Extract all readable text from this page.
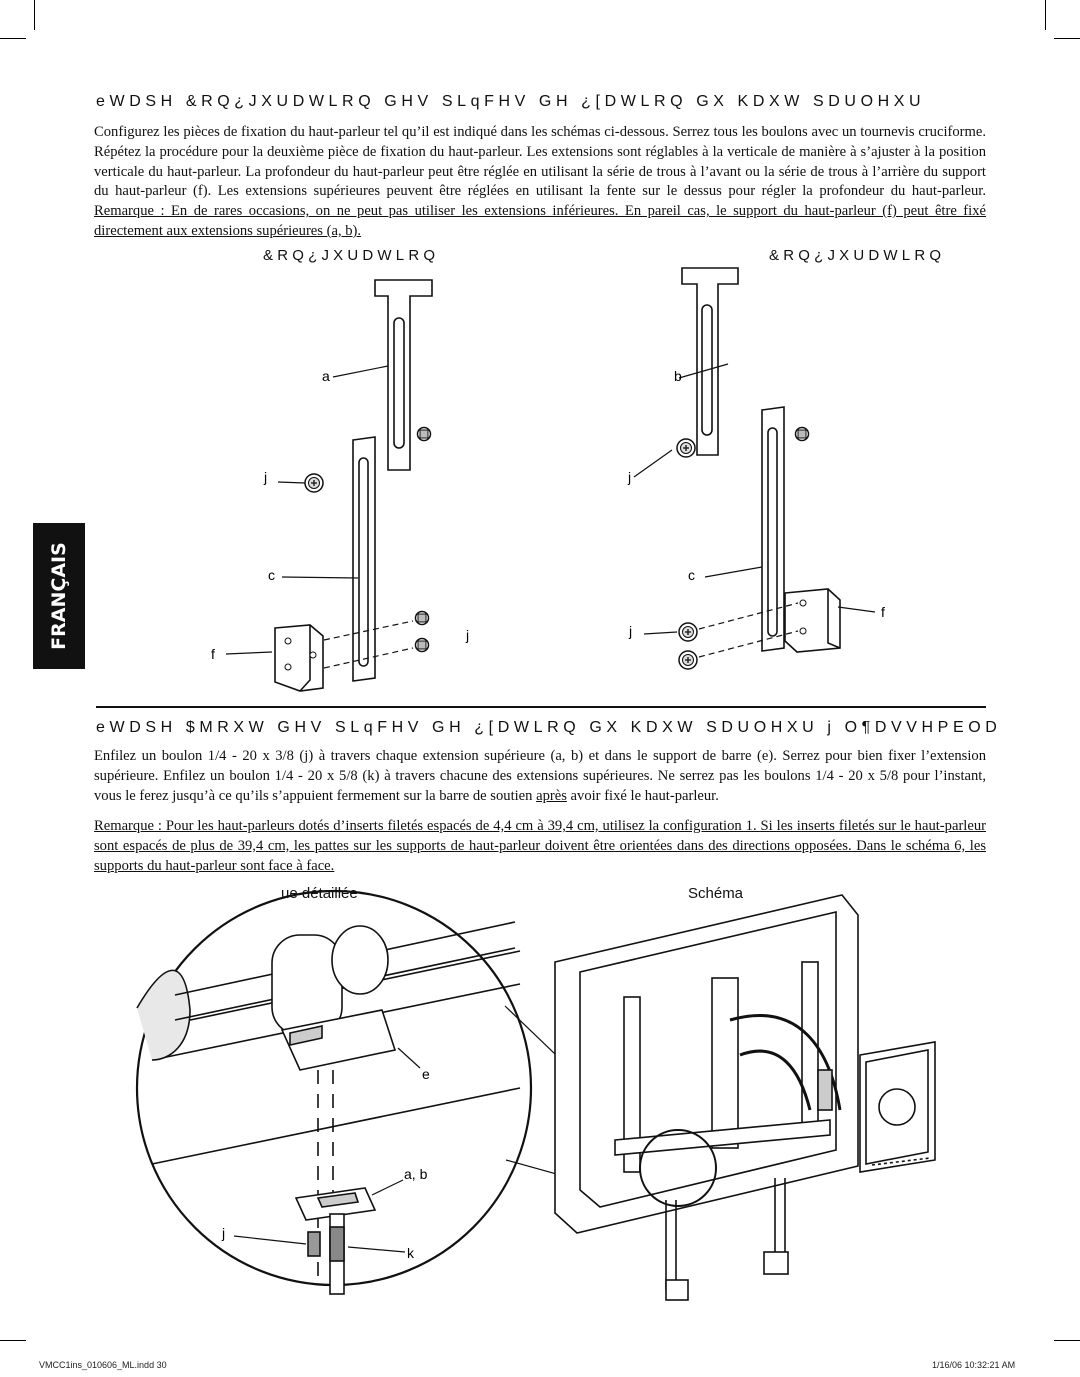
FRANÇAIS
eWDSH &RQ¿JXUDWLRQ GHV SLqFHV GH ¿[DWLRQ GX KDXW SDUOHXU

Configurez les pièces de fixation du haut-parleur tel qu’il est indiqué dans les schémas ci-dessous. Serrez tous les boulons avec un tournevis cruciforme. Répétez la procédure pour la deuxième pièce de fixation du haut-parleur. Les extensions sont réglables à la verticale de manière à s’ajuster à la position verticale du haut-parleur. La profondeur du haut-parleur peut être réglée en utilisant la série de trous à l’avant ou la série de trous à l’arrière du support du haut-parleur (f). Les extensions supérieures peuvent être réglées en utilisant la fente sur le dessus pour régler la profondeur du haut-parleur. Remarque : En de rares occasions, on ne peut pas utiliser les extensions inférieures. En pareil cas, le support du haut-parleur (f) peut être fixé directement aux extensions supérieures (a, b).

&RQ¿JXUDWLRQ	&RQ¿JXUDWLRQ
a
j
c
j
f
b
j
c
j
f
e
a, b
j
k
eWDSH $MRXW GHV SLqFHV GH ¿[DWLRQ GX KDXW SDUOHXU j O¶DVVHPEOD

Enfilez un boulon 1/4 - 20 x 3/8 (j) à travers chaque extension supérieure (a, b) et dans le support de barre (e). Serrez pour bien fixer l’extension supérieure. Enfilez un boulon 1/4 - 20 x 5/8 (k) à travers chacune des extensions supérieures. Ne serrez pas les boulons 1/4 - 20 x 5/8 pour l’instant, vous le ferez jusqu’à ce qu’ils s’appuient fermement sur la barre de soutien après avoir fixé le haut-parleur.

Remarque : Pour les haut-parleurs dotés d’inserts filetés espacés de 4,4 cm à 39,4 cm, utilisez la configuration 1. Si les inserts filetés sur le haut-parleur sont espacés de plus de 39,4 cm, les pattes sur les supports de haut-parleur doivent être orientées dans des directions opposées. Dans le schéma 6, les supports du haut-parleur sont face à face.

ue détaillée	Schéma
VMCC1ins_010606_ML.indd 30	1/16/06 10:32:21 AM
